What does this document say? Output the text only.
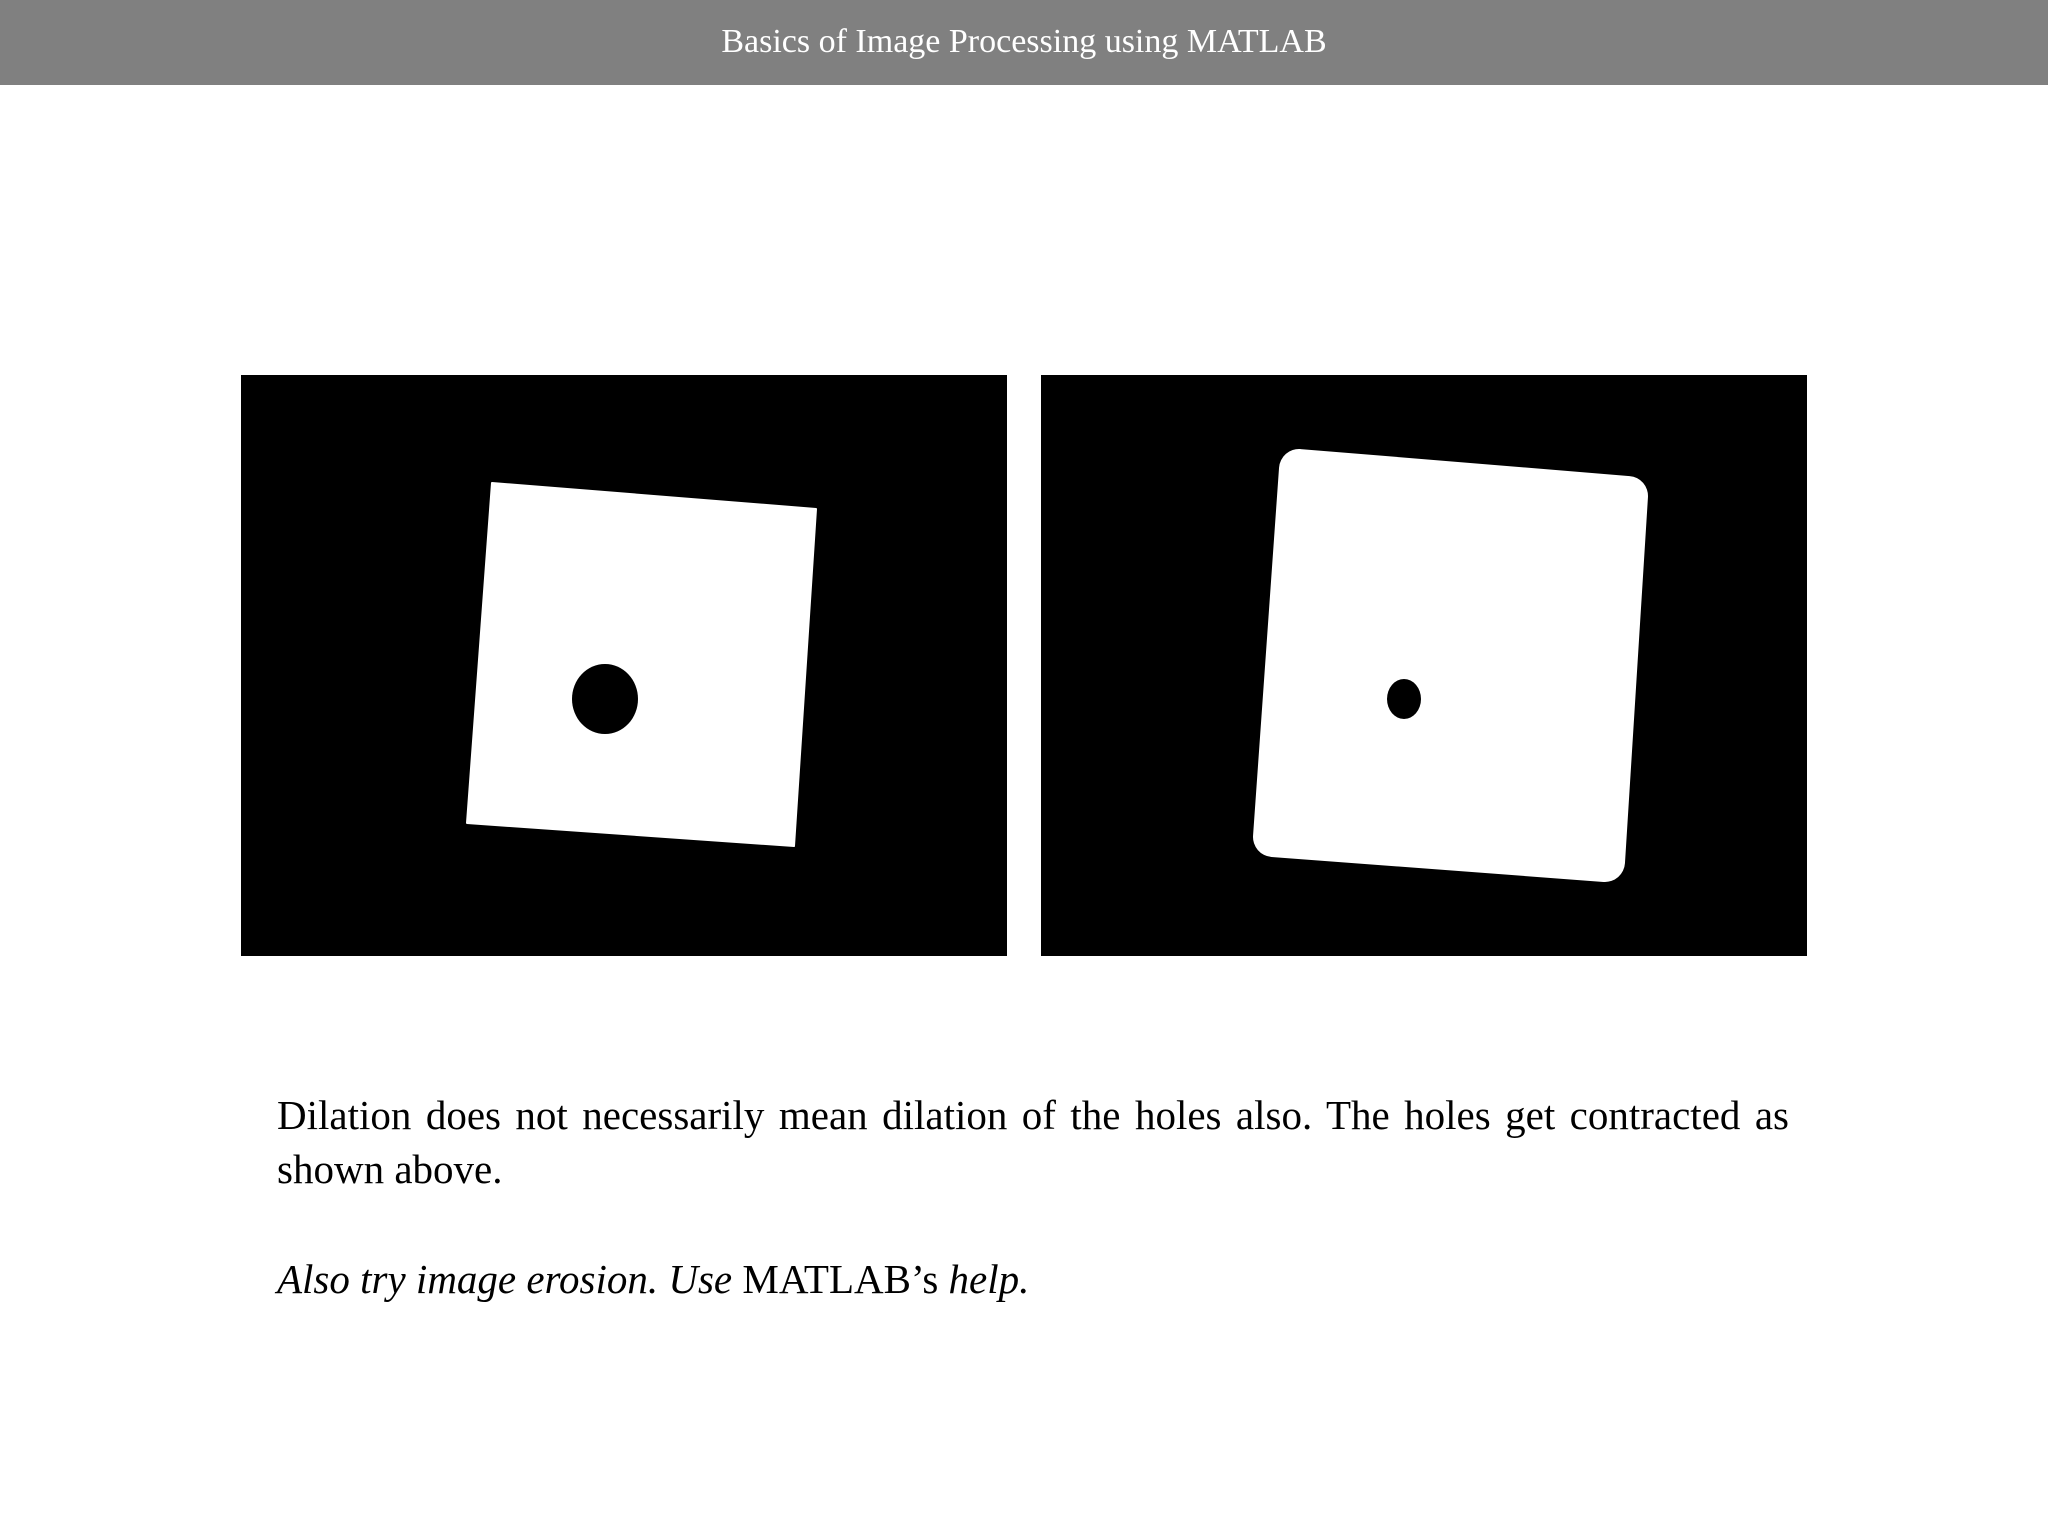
Basics of Image Processing using MATLAB

Dilation does not necessarily mean dilation of the holes also. The holes get contracted as shown above.

Also try image erosion. Use MATLAB’s help.
